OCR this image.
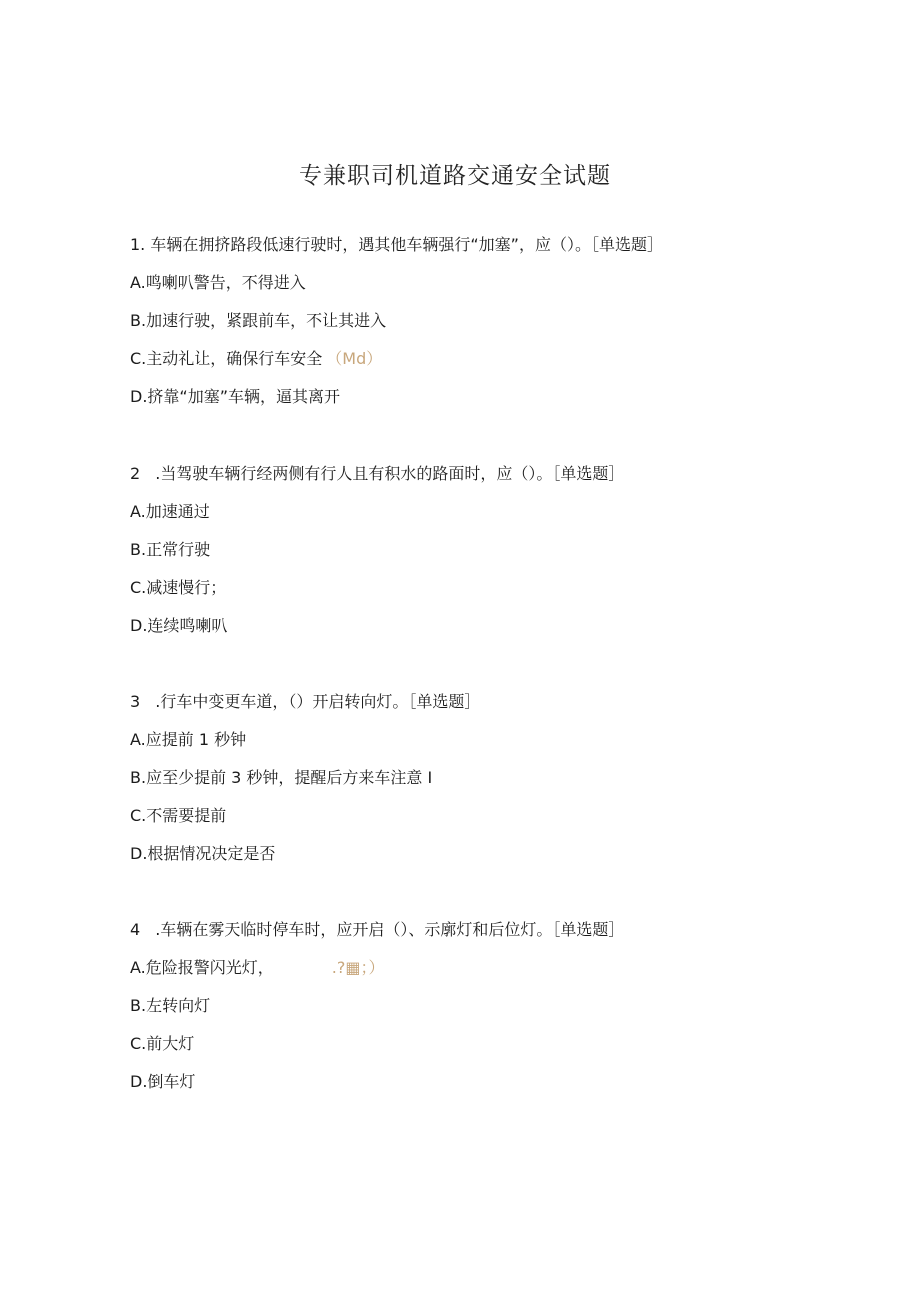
专兼职司机道路交通安全试题
1. 车辆在拥挤路段低速行驶时，遇其他车辆强行“加塞”，应（）。［单选题］
A.鸣喇叭警告，不得进入
B.加速行驶，紧跟前车，不让其进入
C.主动礼让，确保行车安全 （Md）
D.挤靠“加塞”车辆，逼其离开
2 .当驾驶车辆行经两侧有行人且有积水的路面时，应（）。［单选题］
A.加速通过
B.正常行驶
C.减速慢行；
D.连续鸣喇叭
3 .行车中变更车道，（）开启转向灯。［单选题］
A.应提前 1 秒钟
B.应至少提前 3 秒钟，提醒后方来车注意 I
C.不需要提前
D.根据情况决定是否
4 .车辆在雾天临时停车时，应开启（）、示廓灯和后位灯。［单选题］
A.危险报警闪光灯，	.?▦；）
B.左转向灯
C.前大灯
D.倒车灯
